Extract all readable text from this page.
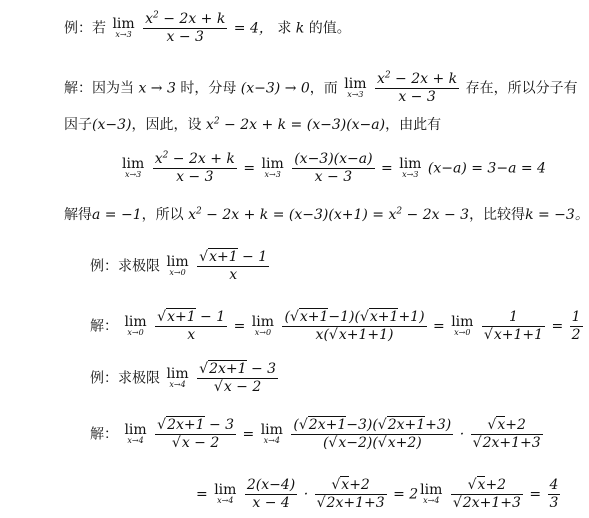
例：若 lim
x→3
$\frac{x^2 - 2x + k}{x - 3} = 4$， 求 k 的值。
解：因为当 x → 3 时，分母 (x−3) → 0，而 lim
x→3
$\frac{x^2 - 2x + k}{x - 3}$ 存在，所以分子有
因子(x−3)，因此，设 $x^2 - 2x + k = (x-3)(x-a)$，由此有
lim
x→3
$\frac{x^2 - 2x + k}{x - 3} = \lim$
x→3
$\frac{(x-3)(x-a)}{x - 3} = \lim$
x→3 (x−a) = 3−a = 4
解得a = −1，所以 $x^2 - 2x + k = (x-3)(x+1) = x^2 - 2x - 3$，比较得k = −3。
例：求极限 lim
x→0
$\frac{√x+1 - 1}{x}$
解： lim
x→0
$\frac{√x+1 - 1}{x} = \lim$
x→0
$\frac{(√x+1-1)(√x+1+1)}{x(√x+1+1)} = \lim$
x→0
$\frac{1}{√x+1+1} = \frac{1}{2}$
例：求极限 lim
x→4
$\frac{√2x+1 - 3}{√x - 2}$
解： lim
x→4
$\frac{√2x+1 - 3}{√x - 2} = \lim$
x→4
$\frac{(√2x+1-3)(√2x+1+3)}{(√x-2)(√x+2)} \cdot \frac{√x+2}{√2x+1+3}$
= lim
x→4
$\frac{2(x-4)}{x - 4} \cdot \frac{√x+2}{√2x+1+3} = 2$ lim
x→4
$\frac{√x+2}{√2x+1+3} = \frac{4}{3}$
